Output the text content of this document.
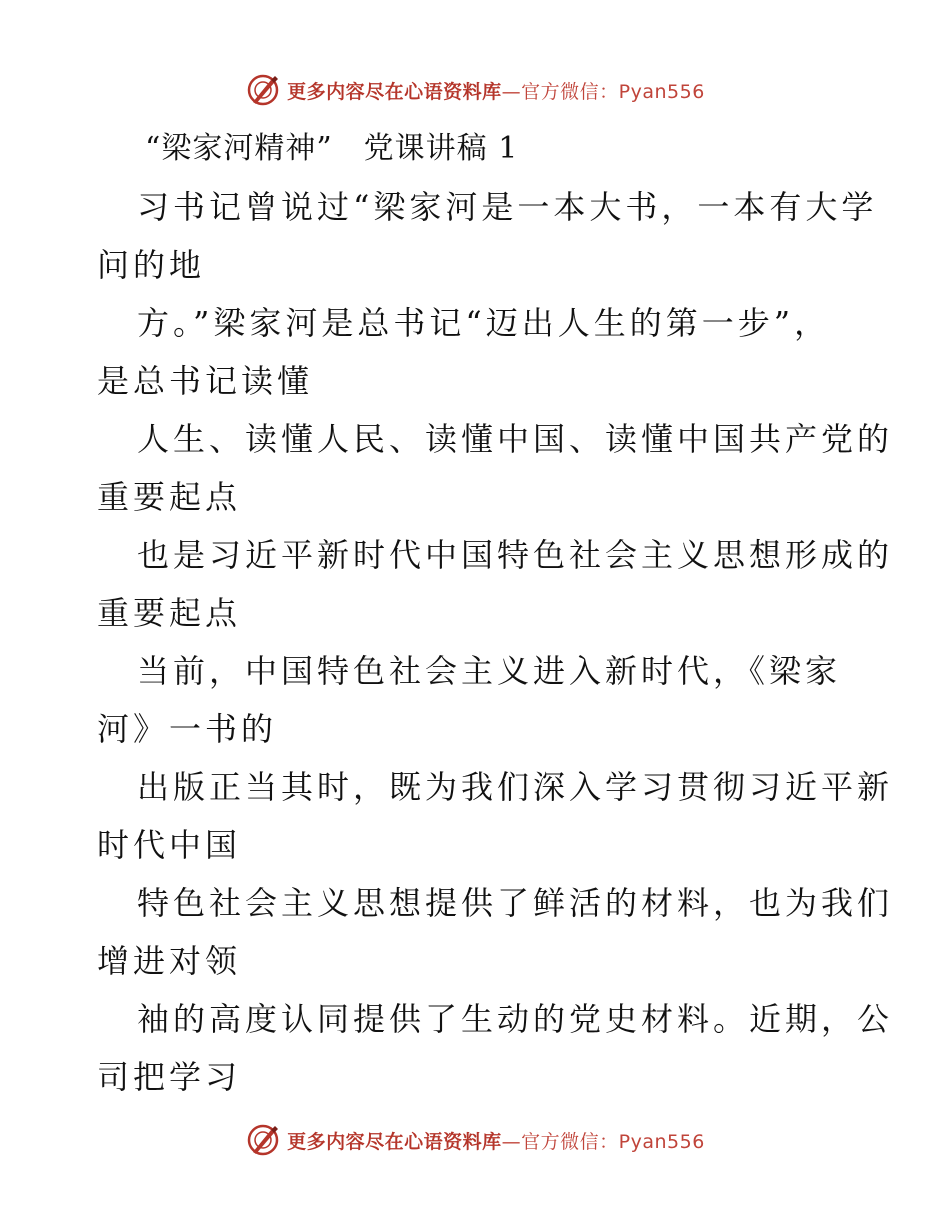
更多内容尽在心语资料库—官方微信：Pyan556
“梁家河精神”　党课讲稿 1
习书记曾说过“梁家河是一本大书，一本有大学
问的地
方。”梁家河是总书记“迈出人生的第一步”，
是总书记读懂
人生、读懂人民、读懂中国、读懂中国共产党的
重要起点
也是习近平新时代中国特色社会主义思想形成的
重要起点
当前，中国特色社会主义进入新时代，《梁家
河》一书的
出版正当其时，既为我们深入学习贯彻习近平新
时代中国
特色社会主义思想提供了鲜活的材料，也为我们
增进对领
袖的高度认同提供了生动的党史材料。近期，公
司把学习
更多内容尽在心语资料库—官方微信：Pyan556
